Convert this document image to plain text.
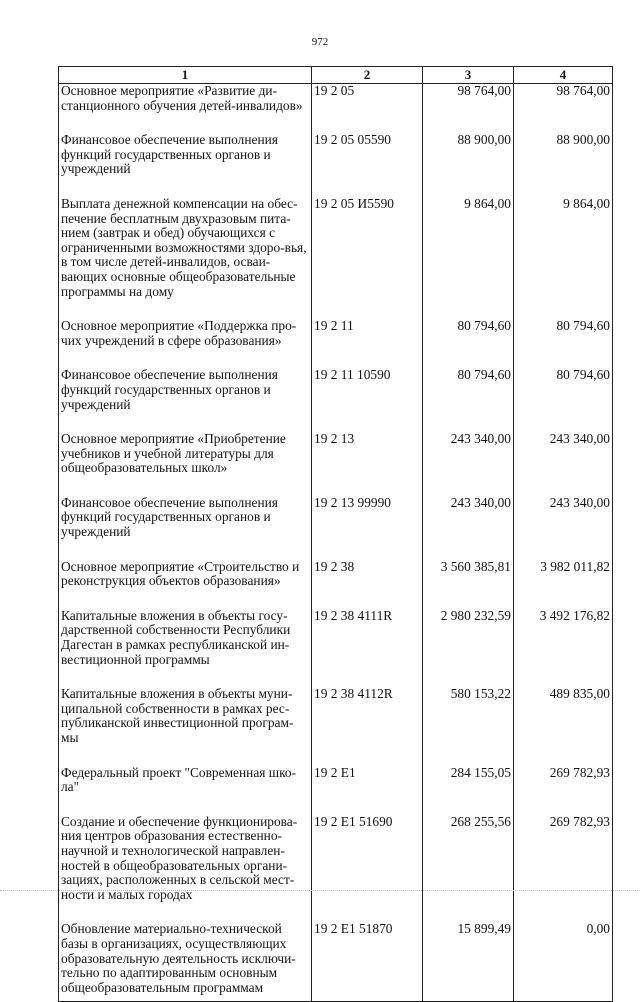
972
1	2	3	4
Основное мероприятие «Развитие ди-станционного обучения детей-инвалидов»	19 2 05	98 764,00	98 764,00
Финансовое обеспечение выполнения функций государственных органов и учреждений	19 2 05 05590	88 900,00	88 900,00
Выплата денежной компенсации на обес-печение бесплатным двухразовым пита-нием (завтрак и обед) обучающихся с ограниченными возможностями здоро-вья, в том числе детей-инвалидов, осваи-вающих основные общеобразовательные программы на дому	19 2 05 И5590	9 864,00	9 864,00
Основное мероприятие «Поддержка про-чих учреждений в сфере образования»	19 2 11	80 794,60	80 794,60
Финансовое обеспечение выполнения функций государственных органов и учреждений	19 2 11 10590	80 794,60	80 794,60
Основное мероприятие «Приобретение учебников и учебной литературы для общеобразовательных школ»	19 2 13	243 340,00	243 340,00
Финансовое обеспечение выполнения функций государственных органов и учреждений	19 2 13 99990	243 340,00	243 340,00
Основное мероприятие «Строительство и реконструкция объектов образования»	19 2 38	3 560 385,81	3 982 011,82
Капитальные вложения в объекты госу-дарственной собственности Республики Дагестан в рамках республиканской ин-вестиционной программы	19 2 38 4111R	2 980 232,59	3 492 176,82
Капитальные вложения в объекты муни-ципальной собственности в рамках рес-публиканской инвестиционной програм-мы	19 2 38 4112R	580 153,22	489 835,00
Федеральный проект "Современная шко-ла"	19 2 E1	284 155,05	269 782,93
Создание и обеспечение функционирова-ния центров образования естественно-научной и технологической направлен-ностей в общеобразовательных органи-зациях, расположенных в сельской мест-ности и малых городах	19 2 E1 51690	268 255,56	269 782,93
Обновление материально-технической базы в организациях, осуществляющих образовательную деятельность исключи-тельно по адаптированным основным общеобразовательным программам	19 2 E1 51870	15 899,49	0,00
